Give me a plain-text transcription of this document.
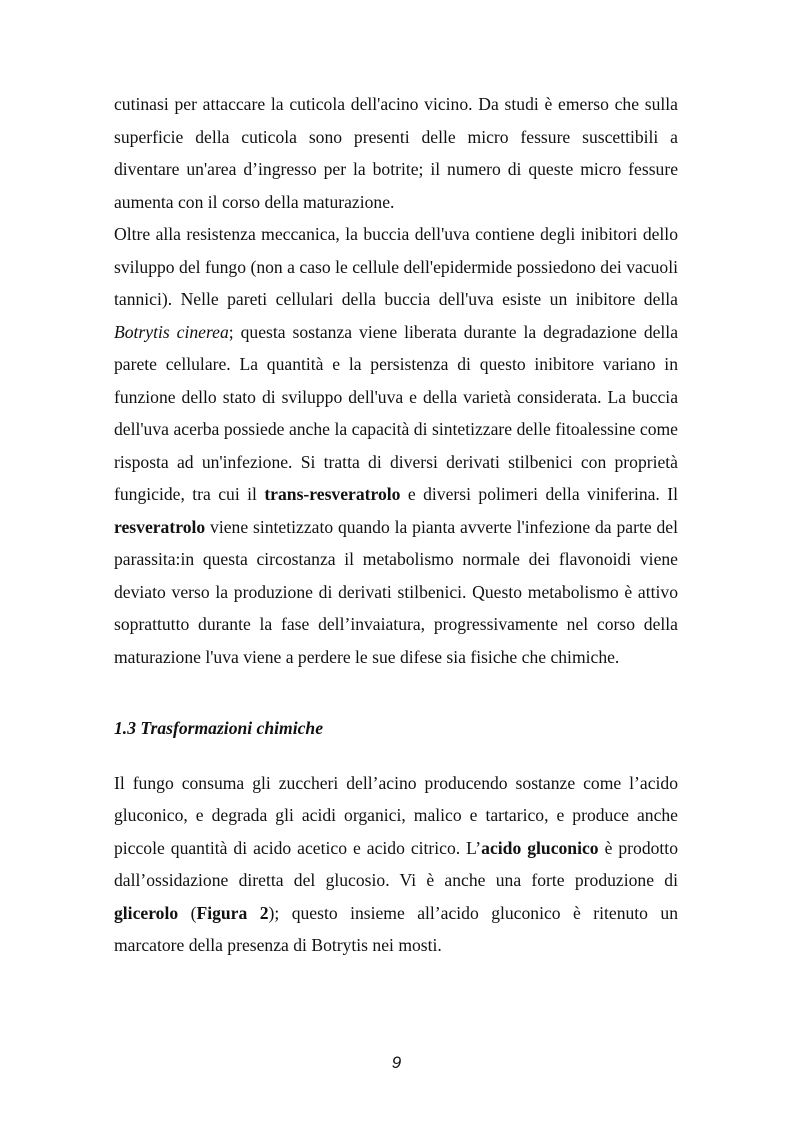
cutinasi per attaccare la cuticola dell'acino vicino. Da studi è emerso che sulla superficie della cuticola sono presenti delle micro fessure suscettibili a diventare un'area d’ingresso per la botrite; il numero di queste micro fessure aumenta con il corso della maturazione.

Oltre alla resistenza meccanica, la buccia dell'uva contiene degli inibitori dello sviluppo del fungo (non a caso le cellule dell'epidermide possiedono dei vacuoli tannici). Nelle pareti cellulari della buccia dell'uva esiste un inibitore della Botrytis cinerea; questa sostanza viene liberata durante la degradazione della parete cellulare. La quantità e la persistenza di questo inibitore variano in funzione dello stato di sviluppo dell'uva e della varietà considerata. La buccia dell'uva acerba possiede anche la capacità di sintetizzare delle fitoalessine come risposta ad un'infezione. Si tratta di diversi derivati stilbenici con proprietà fungicide, tra cui il trans-resveratrolo e diversi polimeri della viniferina. Il resveratrolo viene sintetizzato quando la pianta avverte l'infezione da parte del parassita:in questa circostanza il metabolismo normale dei flavonoidi viene deviato verso la produzione di derivati stilbenici. Questo metabolismo è attivo soprattutto durante la fase dell’invaiatura, progressivamente nel corso della maturazione l'uva viene a perdere le sue difese sia fisiche che chimiche.

1.3 Trasformazioni chimiche

Il fungo consuma gli zuccheri dell’acino producendo sostanze come l’acido gluconico, e degrada gli acidi organici, malico e tartarico, e produce anche piccole quantità di acido acetico e acido citrico. L’acido gluconico è prodotto dall’ossidazione diretta del glucosio. Vi è anche una forte produzione di glicerolo (Figura 2); questo insieme all’acido gluconico è ritenuto un marcatore della presenza di Botrytis nei mosti.

9
